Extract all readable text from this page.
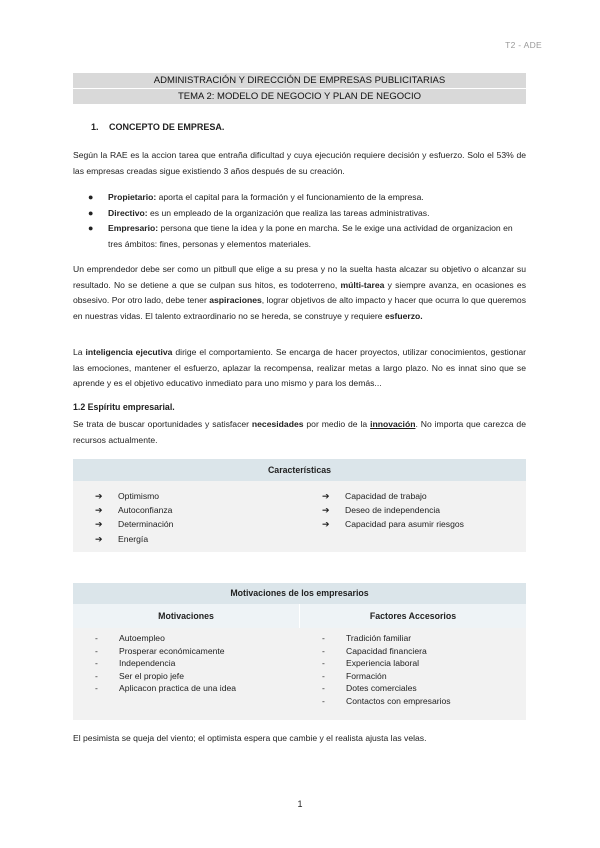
T2 - ADE
ADMINISTRACIÓN Y DIRECCIÓN DE EMPRESAS PUBLICITARIAS
TEMA 2: MODELO DE NEGOCIO Y PLAN DE NEGOCIO
1. CONCEPTO DE EMPRESA.
Según la RAE es la accion tarea que entraña dificultad y cuya ejecución requiere decisión y esfuerzo. Solo el 53% de las empresas creadas sigue existiendo 3 años después de su creación.
● Propietario: aporta el capital para la formación y el funcionamiento de la empresa.
● Directivo: es un empleado de la organización que realiza las tareas administrativas.
● Empresario: persona que tiene la idea y la pone en marcha. Se le exige una actividad de organizacion en tres ámbitos: fines, personas y elementos materiales.
Un emprendedor debe ser como un pitbull que elige a su presa y no la suelta hasta alcazar su objetivo o alcanzar su resultado. No se detiene a que se culpan sus hitos, es todoterreno, múlti-tarea y siempre avanza, en ocasiones es obsesivo. Por otro lado, debe tener aspiraciones, lograr objetivos de alto impacto y hacer que ocurra lo que queremos en nuestras vidas. El talento extraordinario no se hereda, se construye y requiere esfuerzo.
La inteligencia ejecutiva dirige el comportamiento. Se encarga de hacer proyectos, utilizar conocimientos, gestionar las emociones, mantener el esfuerzo, aplazar la recompensa, realizar metas a largo plazo. No es innat sino que se aprende y es el objetivo educativo inmediato para uno mismo y para los demás...
1.2 Espíritu empresarial.
Se trata de buscar oportunidades y satisfacer necesidades por medio de la innovación. No importa que carezca de recursos actualmente.
Características
➔ Optimismo
➔ Autoconfianza
➔ Determinación
➔ Energía
➔ Capacidad de trabajo
➔ Deseo de independencia
➔ Capacidad para asumir riesgos
Motivaciones de los empresarios
Motivaciones	Factores Accesorios
- Autoempleo
- Prosperar económicamente
- Independencia
- Ser el propio jefe
- Aplicacon practica de una idea
- Tradición familiar
- Capacidad financiera
- Experiencia laboral
- Formación
- Dotes comerciales
- Contactos con empresarios
El pesimista se queja del viento; el optimista espera que cambie y el realista ajusta las velas.
1
